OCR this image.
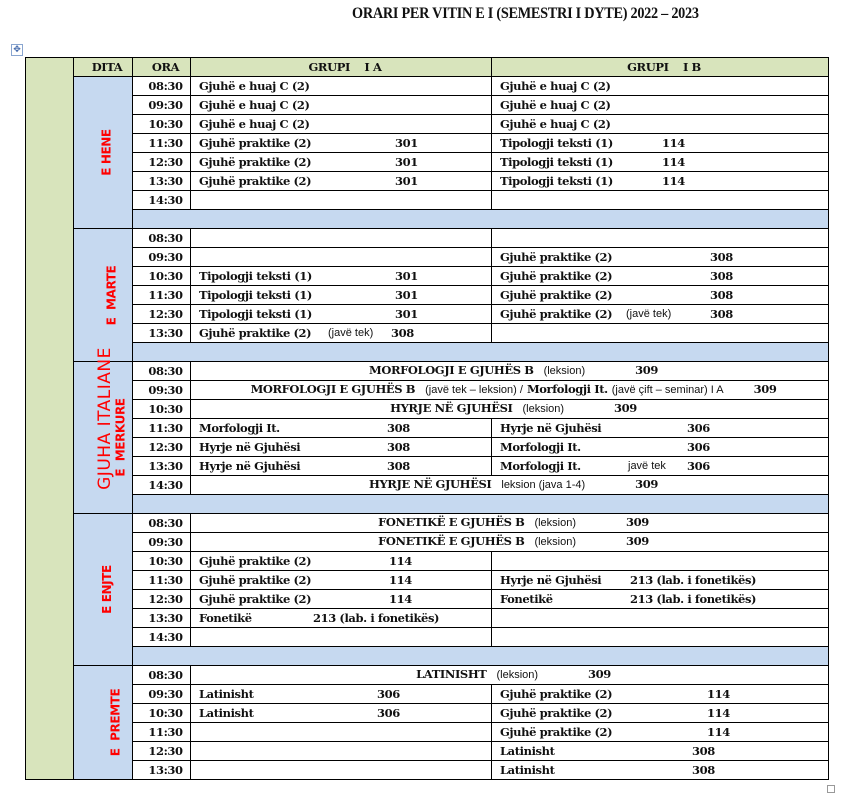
ORARI PER VITIN E I (SEMESTRI I DYTE) 2022 – 2023
✥
GJUHA ITALIANE	DITA	ORA	GRUPI    I A	GRUPI    I B
	E HENE	08:30	Gjuhë e huaj C (2)	Gjuhë e huaj C (2)

		09:30	Gjuhë e huaj C (2)	Gjuhë e huaj C (2)

		10:30	Gjuhë e huaj C (2)	Gjuhë e huaj C (2)

		11:30	Gjuhë praktike (2) 301	Tipologji teksti (1) 114

		12:30	Gjuhë praktike (2) 301	Tipologji teksti (1) 114

		13:30	Gjuhë praktike (2) 301	Tipologji teksti (1) 114

		14:30	

	E  MARTE	08:30	

		09:30		Gjuhë praktike (2) 308

		10:30	Tipologji teksti (1) 301	Gjuhë praktike (2) 308

		11:30	Tipologji teksti (1) 301	Gjuhë praktike (2) 308

		12:30	Tipologji teksti (1) 301	Gjuhë praktike (2) (javë tek) 308

		13:30	Gjuhë praktike (2) (javë tek) 308	

	E  MERKURE	08:30	MORFOLOGJI E GJUHËS B (leksion) 309	
		09:30	MORFOLOGJI E GJUHËS B (javë tek – leksion) / Morfologji It. (javë çift – seminar) I A 309	
		10:30	HYRJE NË GJUHËSI (leksion) 309	
		11:30	Morfologji It. 308	Hyrje në Gjuhësi 306

		12:30	Hyrje në Gjuhësi 308	Morfologji It. 306

		13:30	Hyrje në Gjuhësi 308	Morfologji It. javë tek 306

		14:30	HYRJE NË GJUHËSI leksion (java 1-4) 309	

	E ENJTE	08:30	FONETIKË E GJUHËS B (leksion) 309	
		09:30	FONETIKË E GJUHËS B (leksion) 309	
		10:30	Gjuhë praktike (2) 114	

		11:30	Gjuhë praktike (2) 114	Hyrje në Gjuhësi 213 (lab. i fonetikës)

		12:30	Gjuhë praktike (2) 114	Fonetikë 213 (lab. i fonetikës)

		13:30	Fonetikë 213 (lab. i fonetikës)	

		14:30	

	E  PREMTE	08:30	LATINISHT (leksion) 309	
		09:30	Latinisht 306	Gjuhë praktike (2) 114

		10:30	Latinisht 306	Gjuhë praktike (2) 114

		11:30		Gjuhë praktike (2) 114

		12:30		Latinisht 308

		13:30		Latinisht 308
